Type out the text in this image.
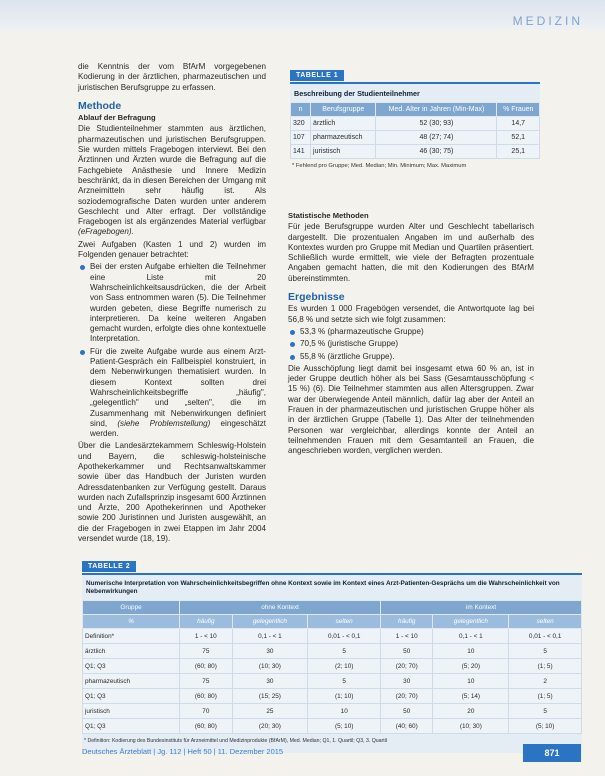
MEDIZIN

die Kenntnis der vom BfArM vorgegebenen Kodierung in der ärztlichen, pharmazeutischen und juristischen Berufsgruppe zu erfassen.

Methode
Ablauf der Befragung

Die Studienteilnehmer stammten aus ärztlichen, pharmazeutischen und juristischen Berufsgruppen. Sie wurden mittels Fragebogen interviewt. Bei den Ärztinnen und Ärzten wurde die Befragung auf die Fachgebiete Anästhesie und Innere Medizin beschränkt, da in diesen Bereichen der Umgang mit Arzneimitteln sehr häufig ist. Als soziodemografische Daten wurden unter anderem Geschlecht und Alter erfragt. Der vollständige Fragebogen ist als ergänzendes Material verfügbar (eFragebogen).

Zwei Aufgaben (Kasten 1 und 2) wurden im Folgenden genauer betrachtet:

Bei der ersten Aufgabe erhielten die Teilnehmer eine Liste mit 20 Wahrscheinlichkeitsausdrücken, die der Arbeit von Sass entnommen waren (5). Die Teilnehmer wurden gebeten, diese Begriffe numerisch zu interpretieren. Da keine weiteren Angaben gemacht wurden, erfolgte dies ohne kontextuelle Interpretation.
Für die zweite Aufgabe wurde aus einem Arzt-Patient-Gespräch ein Fallbeispiel konstruiert, in dem Nebenwirkungen thematisiert wurden. In diesem Kontext sollten drei Wahrscheinlichkeitsbegriffe „häufig", „gelegentlich" und „selten", die im Zusammenhang mit Nebenwirkungen definiert sind, (siehe Problemstellung) eingeschätzt werden.

Über die Landesärztekammern Schleswig-Holstein und Bayern, die schleswig-holsteinische Apothekerkammer und Rechtsanwaltskammer sowie über das Handbuch der Juristen wurden Adressdatenbanken zur Verfügung gestellt. Daraus wurden nach Zufallsprinzip insgesamt 600 Ärztinnen und Ärzte, 200 Apothekerinnen und Apotheker sowie 200 Juristinnen und Juristen ausgewählt, an die der Fragebogen in zwei Etappen im Jahr 2004 versendet wurde (18, 19).

TABELLE 1
Beschreibung der Studienteilnehmer
n	Berufsgruppe	Med. Alter in Jahren (Min-Max)	% Frauen
320	ärztlich	52 (30; 93)	14,7
107	pharmazeutisch	48 (27; 74)	52,1
141	juristisch	46 (30; 75)	25,1
* Fehlend pro Gruppe; Med. Median; Min. Minimum; Max. Maximum
Statistische Methoden

Für jede Berufsgruppe wurden Alter und Geschlecht tabellarisch dargestellt. Die prozentualen Angaben im und außerhalb des Kontextes wurden pro Gruppe mit Median und Quartilen präsentiert. Schließlich wurde ermittelt, wie viele der Befragten prozentuale Angaben gemacht hatten, die mit den Kodierungen des BfArM übereinstimmten.

Ergebnisse

Es wurden 1 000 Fragebögen versendet, die Antwortquote lag bei 56,8 % und setzte sich wie folgt zusammen:

53,3 % (pharmazeutische Gruppe)
70,5 % (juristische Gruppe)
55,8 % (ärztliche Gruppe).

Die Ausschöpfung liegt damit bei insgesamt etwa 60 % an, ist in jeder Gruppe deutlich höher als bei Sass (Gesamtausschöpfung < 15 %) (6). Die Teilnehmer stammten aus allen Altersgruppen. Zwar war der überwiegende Anteil männlich, dafür lag aber der Anteil an Frauen in der pharmazeutischen und juristischen Gruppe höher als in der ärztlichen Gruppe (Tabelle 1). Das Alter der teilnehmenden Personen war vergleichbar, allerdings konnte der Anteil an teilnehmenden Frauen mit dem Gesamtanteil an Frauen, die angeschrieben worden, verglichen werden.

TABELLE 2
Numerische Interpretation von Wahrscheinlichkeitsbegriffen ohne Kontext sowie im Kontext eines Arzt-Patienten-Gesprächs um die Wahrscheinlichkeit von Nebenwirkungen
Gruppe	ohne Kontext			im Kontext		
%	häufig	gelegentlich	selten	häufig	gelegentlich	selten
Definition*	1 - < 10	0,1 - < 1	0,01 - < 0,1	1 - < 10	0,1 - < 1	0,01 - < 0,1
ärztlich	75	30	5	50	10	5
Q1; Q3	(60; 80)	(10; 30)	(2; 10)	(20; 70)	(5; 20)	(1; 5)
pharmazeutisch	75	30	5	30	10	2
Q1; Q3	(60; 80)	(15; 25)	(1; 10)	(20; 70)	(5; 14)	(1; 5)
juristisch	70	25	10	50	20	5
Q1; Q3	(60; 80)	(20; 30)	(5; 10)	(40; 60)	(10; 30)	(5; 10)
* Definition: Kodierung des Bundesinstituts für Arzneimittel und Medizinprodukte (BfArM), Med. Median; Q1, 1. Quartil; Q3, 3. Quartil
Deutsches Ärzteblatt | Jg. 112 | Heft 50 | 11. Dezember 2015	871
